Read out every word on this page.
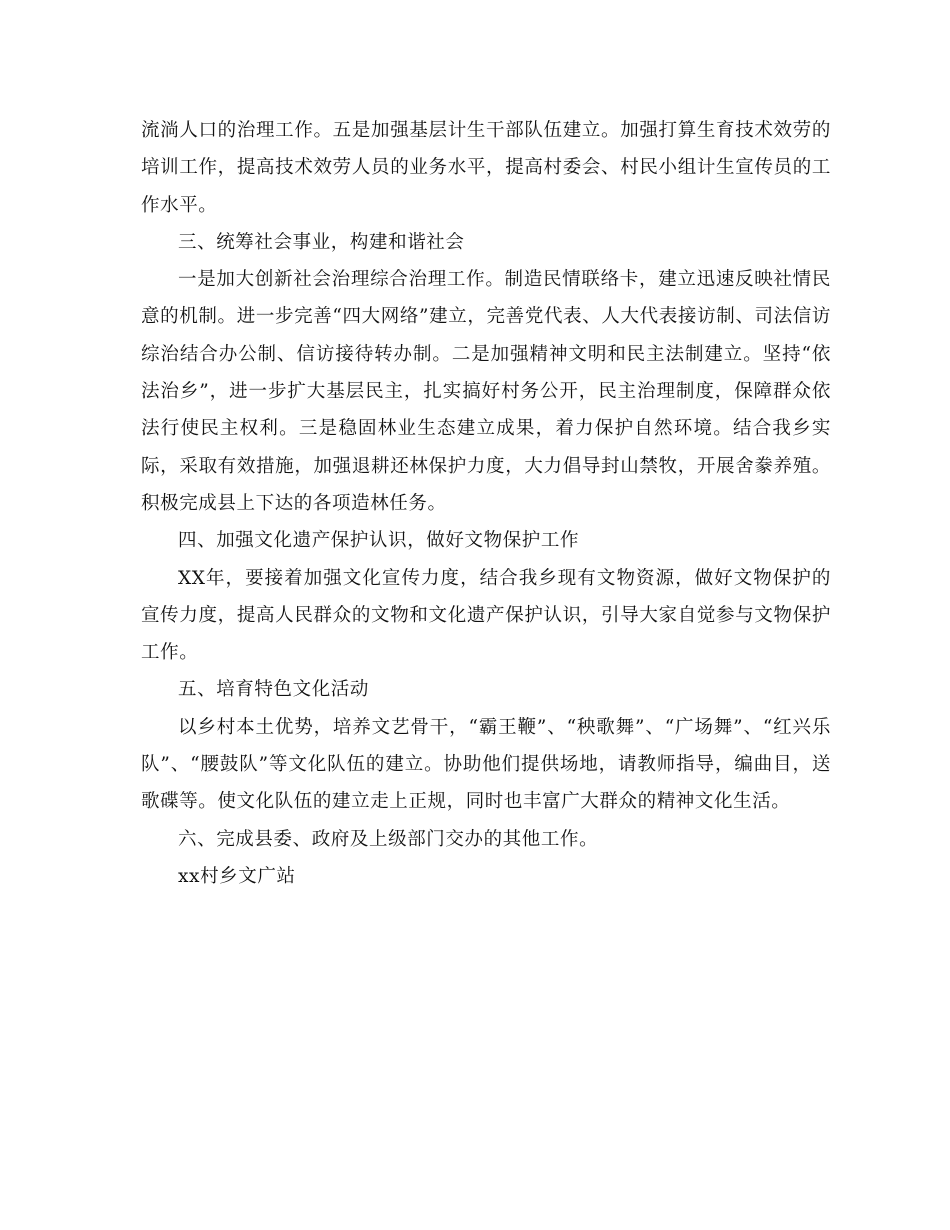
流淌人口的治理工作。五是加强基层计生干部队伍建立。加强打算生育技术效劳的培训工作，提高技术效劳人员的业务水平，提高村委会、村民小组计生宣传员的工作水平。

三、统筹社会事业，构建和谐社会

一是加大创新社会治理综合治理工作。制造民情联络卡，建立迅速反映社情民意的机制。进一步完善“四大网络”建立，完善党代表、人大代表接访制、司法信访综治结合办公制、信访接待转办制。二是加强精神文明和民主法制建立。坚持“依法治乡”，进一步扩大基层民主，扎实搞好村务公开，民主治理制度，保障群众依法行使民主权利。三是稳固林业生态建立成果，着力保护自然环境。结合我乡实际，采取有效措施，加强退耕还林保护力度，大力倡导封山禁牧，开展舍豢养殖。积极完成县上下达的各项造林任务。

四、加强文化遗产保护认识，做好文物保护工作

XX年，要接着加强文化宣传力度，结合我乡现有文物资源，做好文物保护的宣传力度，提高人民群众的文物和文化遗产保护认识，引导大家自觉参与文物保护工作。

五、培育特色文化活动

以乡村本土优势，培养文艺骨干，“霸王鞭”、“秧歌舞”、“广场舞”、“红兴乐队”、“腰鼓队”等文化队伍的建立。协助他们提供场地，请教师指导，编曲目，送歌碟等。使文化队伍的建立走上正规，同时也丰富广大群众的精神文化生活。

六、完成县委、政府及上级部门交办的其他工作。

xx村乡文广站
